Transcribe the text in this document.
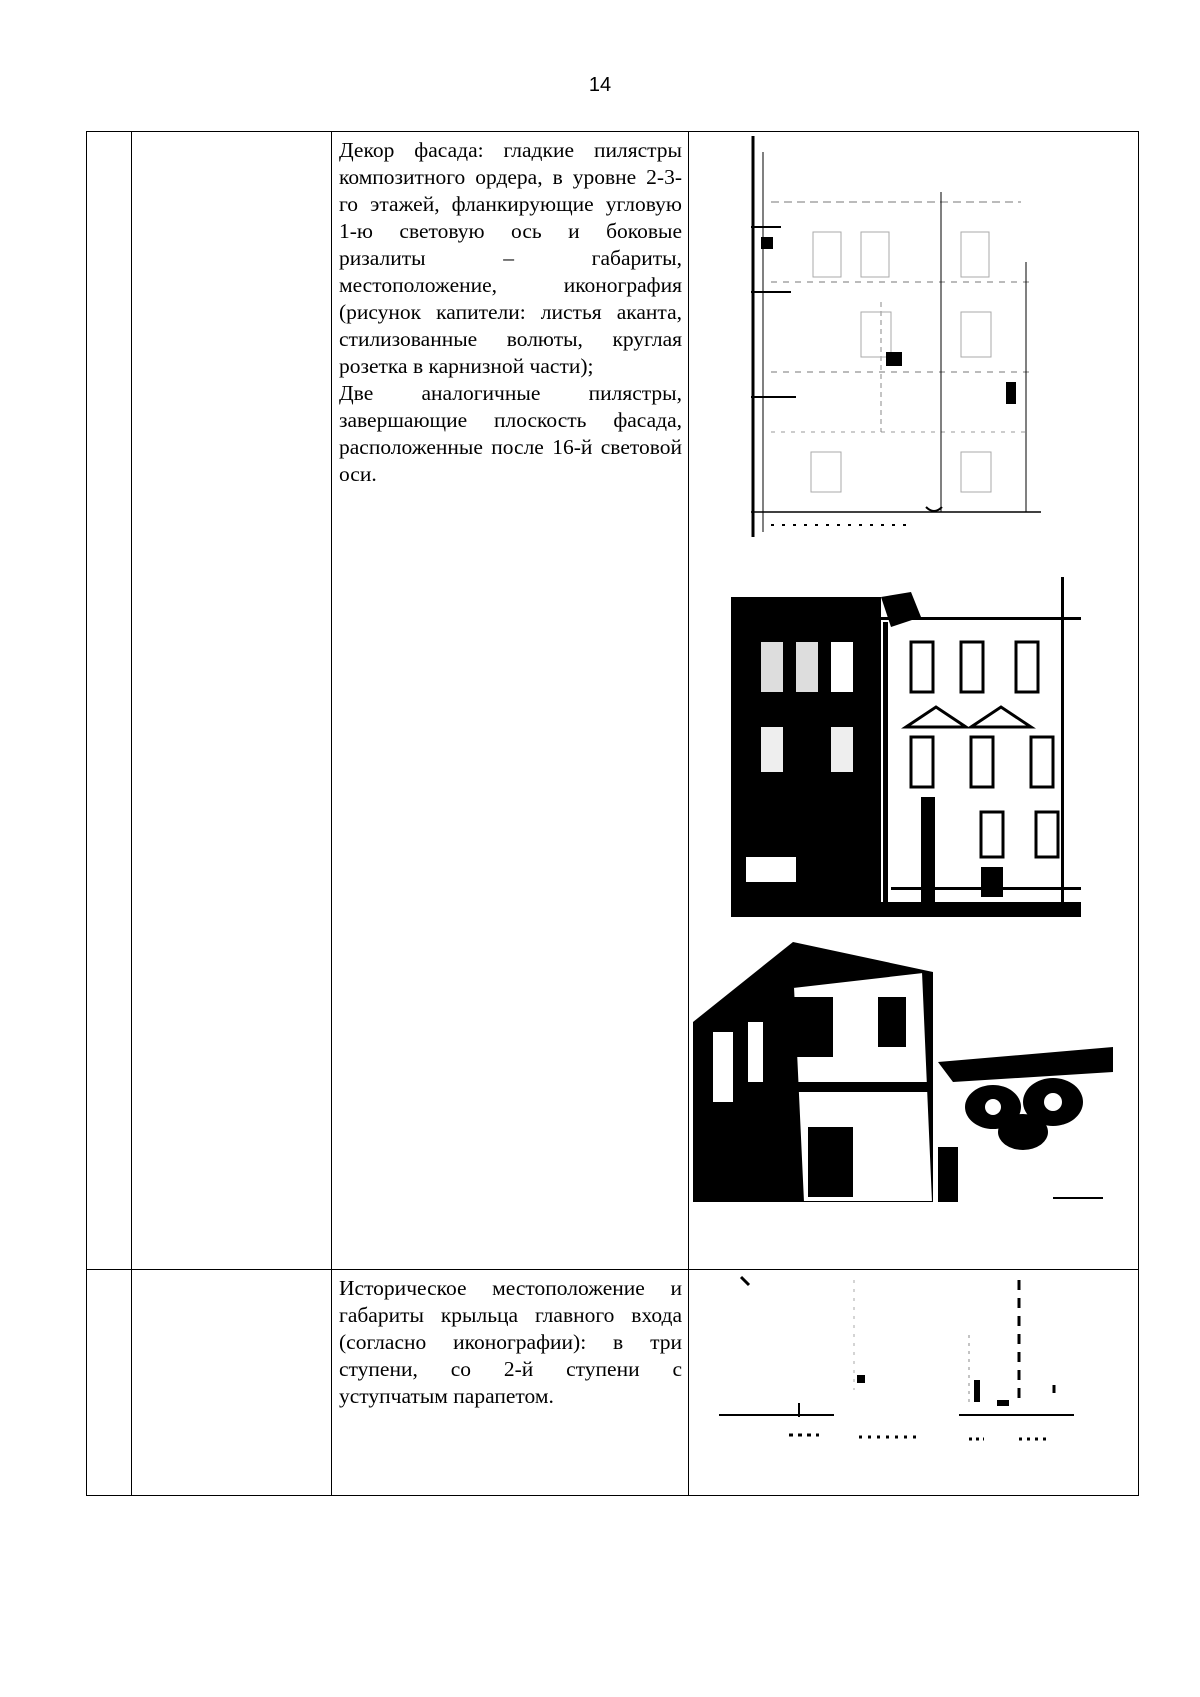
14

		Декор фасада: гладкие пилястры композитного ордера, в уровне 2-3-го этажей, фланкирующие угловую 1-ю световую ось и боковые ризалиты – габариты, местоположение, иконография (рисунок капители: листья аканта, стилизованные волюты, круглая розетка в карнизной части);

Две аналогичные пилястры, завершающие плоскость фасада, расположенные после 16-й световой оси.

		Историческое местоположение и габариты крыльца главного входа (согласно иконографии): в три ступени, со 2-й ступени с уступчатым парапетом.
